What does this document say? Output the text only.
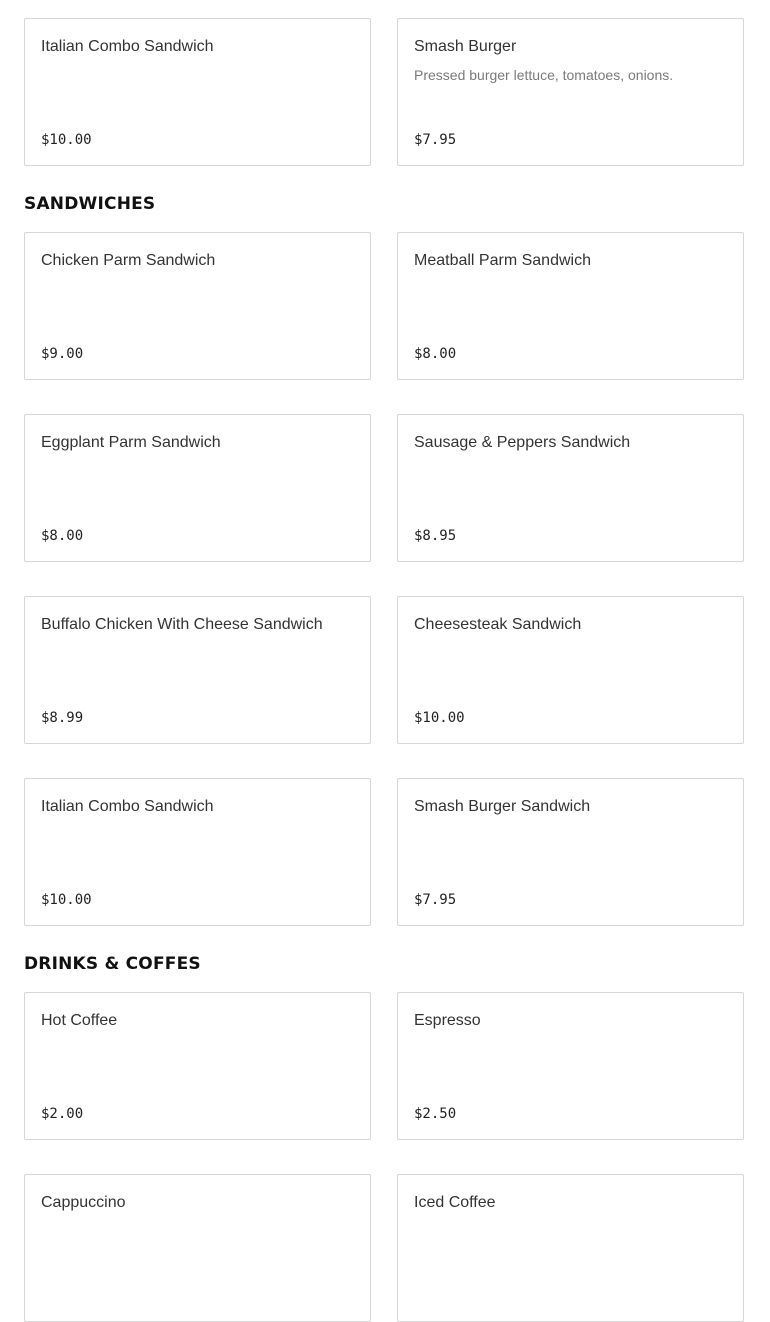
Italian Combo Sandwich
$10.00
Smash Burger
Pressed burger lettuce, tomatoes, onions.
$7.95
SANDWICHES
Chicken Parm Sandwich
$9.00
Meatball Parm Sandwich
$8.00
Eggplant Parm Sandwich
$8.00
Sausage & Peppers Sandwich
$8.95
Buffalo Chicken With Cheese Sandwich
$8.99
Cheesesteak Sandwich
$10.00
Italian Combo Sandwich
$10.00
Smash Burger Sandwich
$7.95
DRINKS & COFFES
Hot Coffee
$2.00
Espresso
$2.50
Cappuccino	Iced Coffee
